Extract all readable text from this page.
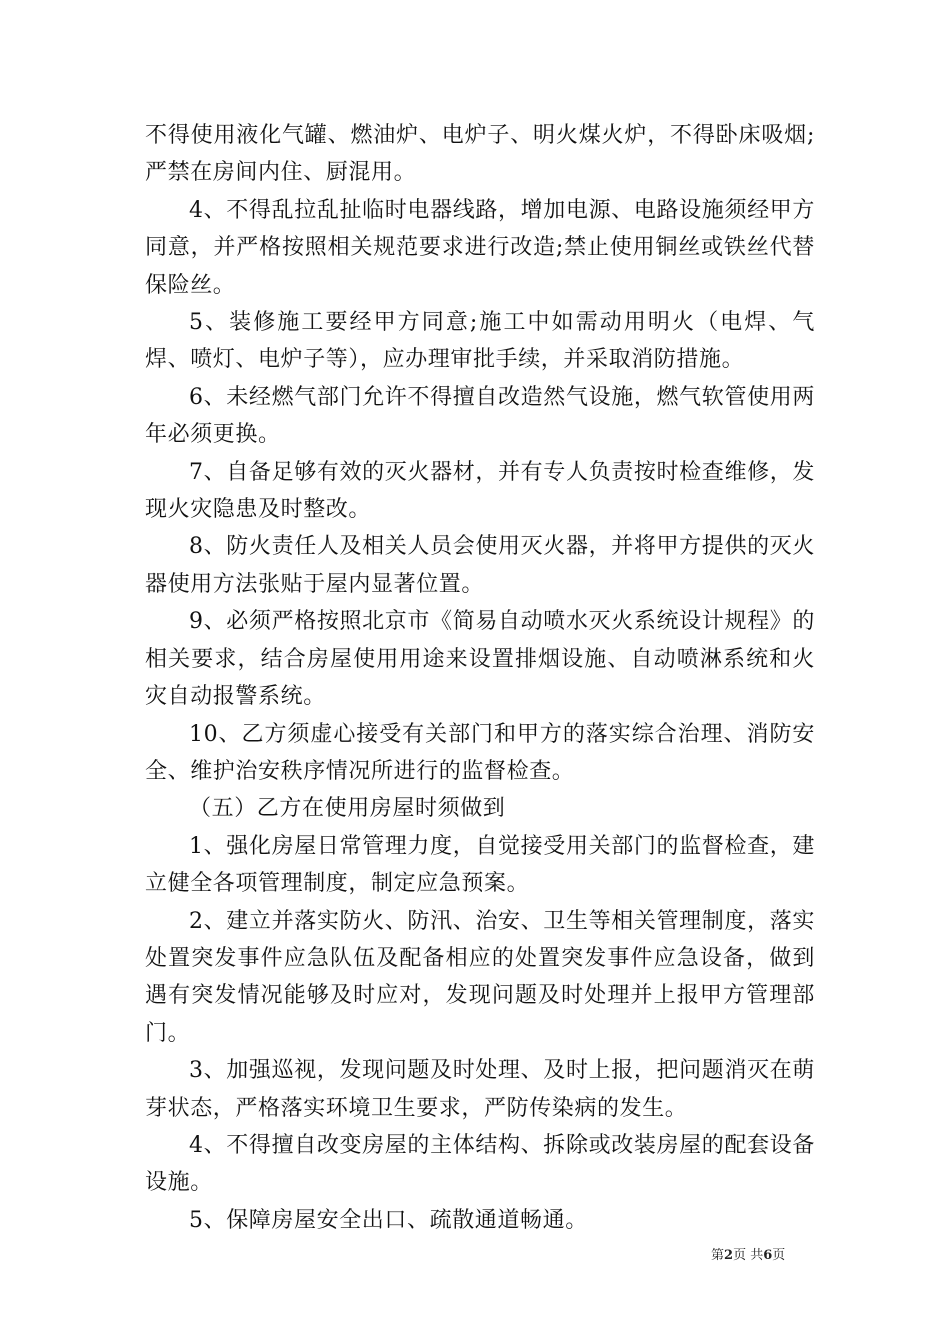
不得使用液化气罐、燃油炉、电炉子、明火煤火炉，不得卧床吸烟;严禁在房间内住、厨混用。

4、不得乱拉乱扯临时电器线路，增加电源、电路设施须经甲方同意，并严格按照相关规范要求进行改造;禁止使用铜丝或铁丝代替保险丝。

5、装修施工要经甲方同意;施工中如需动用明火（电焊、气焊、喷灯、电炉子等），应办理审批手续，并采取消防措施。

6、未经燃气部门允许不得擅自改造然气设施，燃气软管使用两年必须更换。

7、自备足够有效的灭火器材，并有专人负责按时检查维修，发现火灾隐患及时整改。

8、防火责任人及相关人员会使用灭火器，并将甲方提供的灭火器使用方法张贴于屋内显著位置。

9、必须严格按照北京市《简易自动喷水灭火系统设计规程》的相关要求，结合房屋使用用途来设置排烟设施、自动喷淋系统和火灾自动报警系统。

10、乙方须虚心接受有关部门和甲方的落实综合治理、消防安全、维护治安秩序情况所进行的监督检查。

（五）乙方在使用房屋时须做到

1、强化房屋日常管理力度，自觉接受用关部门的监督检查，建立健全各项管理制度，制定应急预案。

2、建立并落实防火、防汛、治安、卫生等相关管理制度，落实处置突发事件应急队伍及配备相应的处置突发事件应急设备，做到遇有突发情况能够及时应对，发现问题及时处理并上报甲方管理部门。

3、加强巡视，发现问题及时处理、及时上报，把问题消灭在萌芽状态，严格落实环境卫生要求，严防传染病的发生。

4、不得擅自改变房屋的主体结构、拆除或改装房屋的配套设备设施。

5、保障房屋安全出口、疏散通道畅通。

第2页 共6页
